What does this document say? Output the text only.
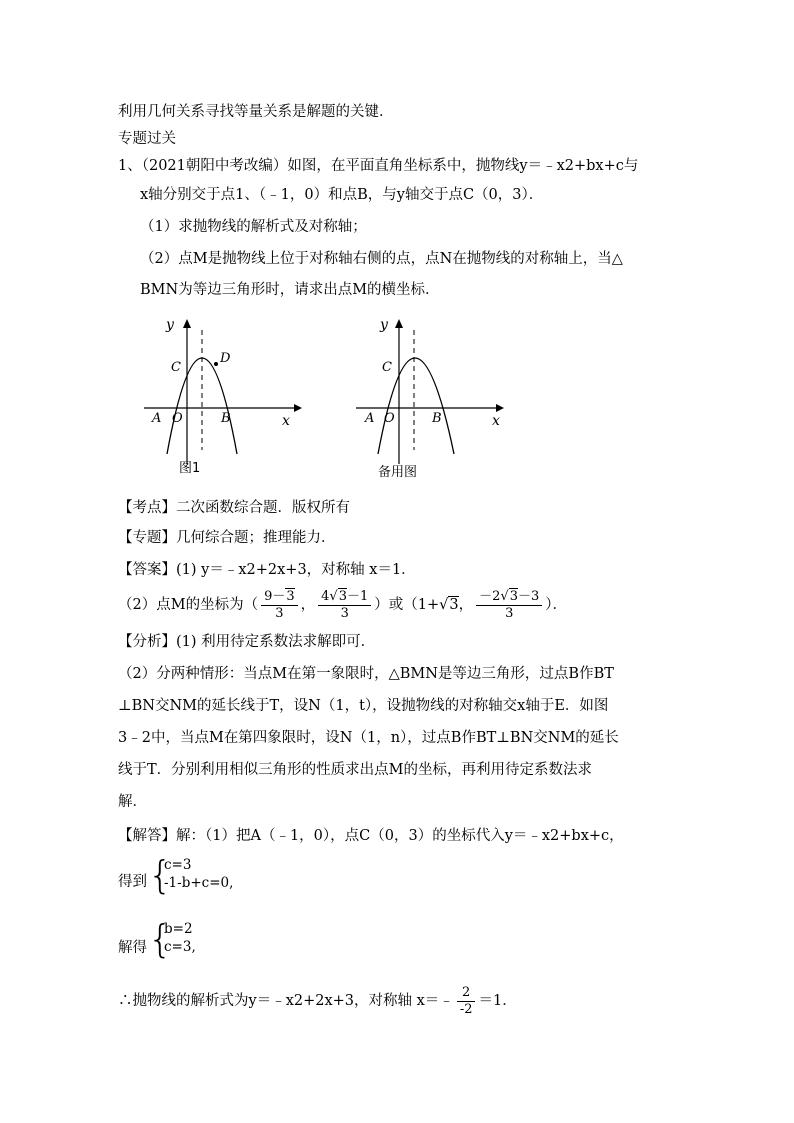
利用几何关系寻找等量关系是解题的关键．
专题过关
1、（2021朝阳中考改编）如图，在平面直角坐标系中，抛物线y＝﹣x2+bx+c与
x轴分别交于点1、（﹣1，0）和点B，与y轴交于点C（0，3）．
（1）求抛物线的解析式及对称轴；
（2）点M是抛物线上位于对称轴右侧的点，点N在抛物线的对称轴上，当△
BMN为等边三角形时，请求出点M的横坐标．
y
x
A O	B
C
D
图1
y
x
A O	B
C
备用图
【考点】二次函数综合题．版权所有
【专题】几何综合题；推理能力．
【答案】(1) y＝﹣x2+2x+3，对称轴 x＝1．
（2）点M的坐标为（ $\frac{9-3}{3}$ ， $\frac{4√3-1}{3}$ ）或（1+√3， $\frac{-2√3-3}{3}$ ）．
【分析】(1) 利用待定系数法求解即可．
（2）分两种情形：当点M在第一象限时，△BMN是等边三角形，过点B作BT
⊥BN交NM的延长线于T，设N（1，t），设抛物线的对称轴交x轴于E．如图
3﹣2中，当点M在第四象限时，设N（1，n），过点B作BT⊥BN交NM的延长
线于T．分别利用相似三角形的性质求出点M的坐标，再利用待定系数法求
解．
【解答】解：（1）把A（﹣1，0），点C（0，3）的坐标代入y＝﹣x2+bx+c，
得到 {
c=3
-1-b+c=0,
解得 {
b=2
c=3,
∴抛物线的解析式为y＝﹣x2+2x+3，对称轴 x＝﹣ $\frac{2}{-2} =1$．
